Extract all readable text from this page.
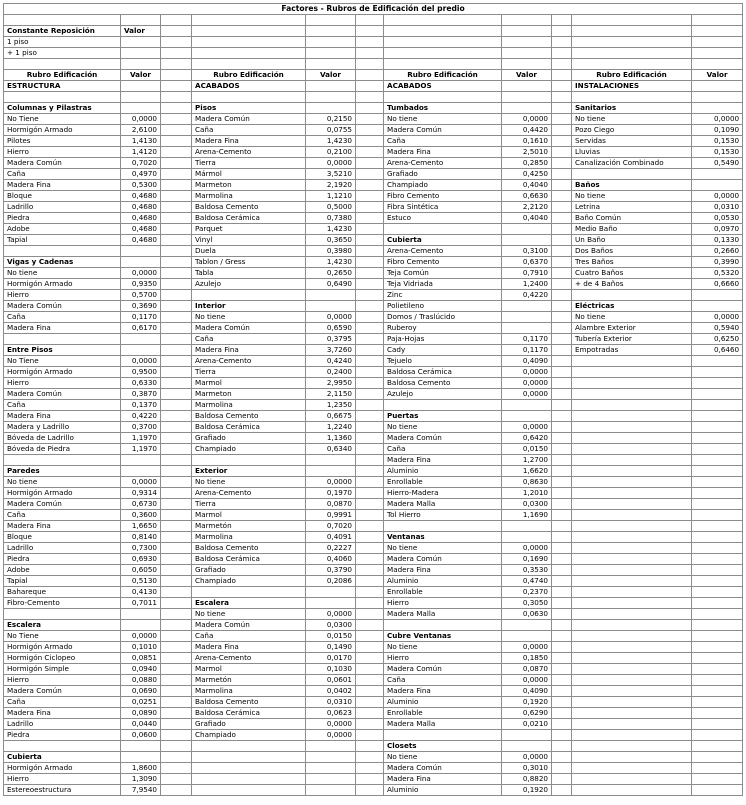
Factores - Rubros de Edificación del predio										

Constante Reposición	Valor									
1 piso										
+ 1 piso										

Rubro Edificación	Valor		Rubro Edificación	Valor		Rubro Edificación	Valor		Rubro Edificación	Valor
ESTRUCTURA			ACABADOS			ACABADOS			INSTALACIONES	

Columnas y Pilastras			Pisos			Tumbados			Sanitarios	
No Tiene	0,0000		Madera Común	0,2150		No tiene	0,0000		No tiene	0,0000
Hormigón Armado	2,6100		Caña	0,0755		Madera Común	0,4420		Pozo Ciego	0,1090
Pilotes	1,4130		Madera Fina	1,4230		Caña	0,1610		Servidas	0,1530
Hierro	1,4120		Arena-Cemento	0,2100		Madera Fina	2,5010		Lluvias	0,1530
Madera Común	0,7020		Tierra	0,0000		Arena-Cemento	0,2850		Canalización Combinado	0,5490
Caña	0,4970		Mármol	3,5210		Grafiado	0,4250			
Madera Fina	0,5300		Marmeton	2,1920		Champiado	0,4040		Baños	
Bloque	0,4680		Marmolina	1,1210		Fibro Cemento	0,6630		No tiene	0,0000
Ladrillo	0,4680		Baldosa Cemento	0,5000		Fibra Sintética	2,2120		Letrina	0,0310
Piedra	0,4680		Baldosa Cerámica	0,7380		Estuco	0,4040		Baño Común	0,0530
Adobe	0,4680		Parquet	1,4230					Medio Baño	0,0970
Tapial	0,4680		Vinyl	0,3650		Cubierta			Un Baño	0,1330
			Duela	0,3980		Arena-Cemento	0,3100		Dos Baños	0,2660
Vigas y Cadenas			Tablon / Gress	1,4230		Fibro Cemento	0,6370		Tres Baños	0,3990
No tiene	0,0000		Tabla	0,2650		Teja Común	0,7910		Cuatro Baños	0,5320
Hormigón Armado	0,9350		Azulejo	0,6490		Teja Vidriada	1,2400		+ de 4 Baños	0,6660
Hierro	0,5700					Zinc	0,4220			
Madera Común	0,3690		Interior			Polietileno			Eléctricas	
Caña	0,1170		No tiene	0,0000		Domos / Traslúcido			No tiene	0,0000
Madera Fina	0,6170		Madera Común	0,6590		Ruberoy			Alambre Exterior	0,5940
			Caña	0,3795		Paja-Hojas	0,1170		Tubería Exterior	0,6250
Entre Pisos			Madera Fina	3,7260		Cady	0,1170		Empotradas	0,6460
No Tiene	0,0000		Arena-Cemento	0,4240		Tejuelo	0,4090			
Hormigón Armado	0,9500		Tierra	0,2400		Baldosa Cerámica	0,0000			
Hierro	0,6330		Marmol	2,9950		Baldosa Cemento	0,0000			
Madera Común	0,3870		Marmeton	2,1150		Azulejo	0,0000			
Caña	0,1370		Marmolina	1,2350						
Madera Fina	0,4220		Baldosa Cemento	0,6675		Puertas				
Madera y Ladrillo	0,3700		Baldosa Cerámica	1,2240		No tiene	0,0000			
Bóveda de Ladrillo	1,1970		Grafiado	1,1360		Madera Común	0,6420			
Bóveda de Piedra	1,1970		Champiado	0,6340		Caña	0,0150			
						Madera Fina	1,2700			
Paredes			Exterior			Aluminio	1,6620			
No tiene	0,0000		No tiene	0,0000		Enrollable	0,8630			
Hormigón Armado	0,9314		Arena-Cemento	0,1970		Hierro-Madera	1,2010			
Madera Común	0,6730		Tierra	0,0870		Madera Malla	0,0300			
Caña	0,3600		Marmol	0,9991		Tol Hierro	1,1690			
Madera Fina	1,6650		Marmetón	0,7020						
Bloque	0,8140		Marmolina	0,4091		Ventanas				
Ladrillo	0,7300		Baldosa Cemento	0,2227		No tiene	0,0000			
Piedra	0,6930		Baldosa Cerámica	0,4060		Madera Común	0,1690			
Adobe	0,6050		Grafiado	0,3790		Madera Fina	0,3530			
Tapial	0,5130		Champiado	0,2086		Aluminio	0,4740			
Bahareque	0,4130					Enrollable	0,2370			
Fibro-Cemento	0,7011		Escalera			Hierro	0,3050			
			No tiene	0,0000		Madera Malla	0,0630			
Escalera			Madera Común	0,0300						
No Tiene	0,0000		Caña	0,0150		Cubre Ventanas				
Hormigón Armado	0,1010		Madera Fina	0,1490		No tiene	0,0000			
Hormigón Ciclopeo	0,0851		Arena-Cemento	0,0170		Hierro	0,1850			
Hormigón Simple	0,0940		Marmol	0,1030		Madera Común	0,0870			
Hierro	0,0880		Marmetón	0,0601		Caña	0,0000			
Madera Común	0,0690		Marmolina	0,0402		Madera Fina	0,4090			
Caña	0,0251		Baldosa Cemento	0,0310		Aluminio	0,1920			
Madera Fina	0,0890		Baldosa Cerámica	0,0623		Enrollable	0,6290			
Ladrillo	0,0440		Grafiado	0,0000		Madera Malla	0,0210			
Piedra	0,0600		Champiado	0,0000						
						Closets				
Cubierta						No tiene	0,0000			
Hormigón Armado	1,8600					Madera Común	0,3010			
Hierro	1,3090					Madera Fina	0,8820			
Estereoestructura	7,9540					Aluminio	0,1920			
